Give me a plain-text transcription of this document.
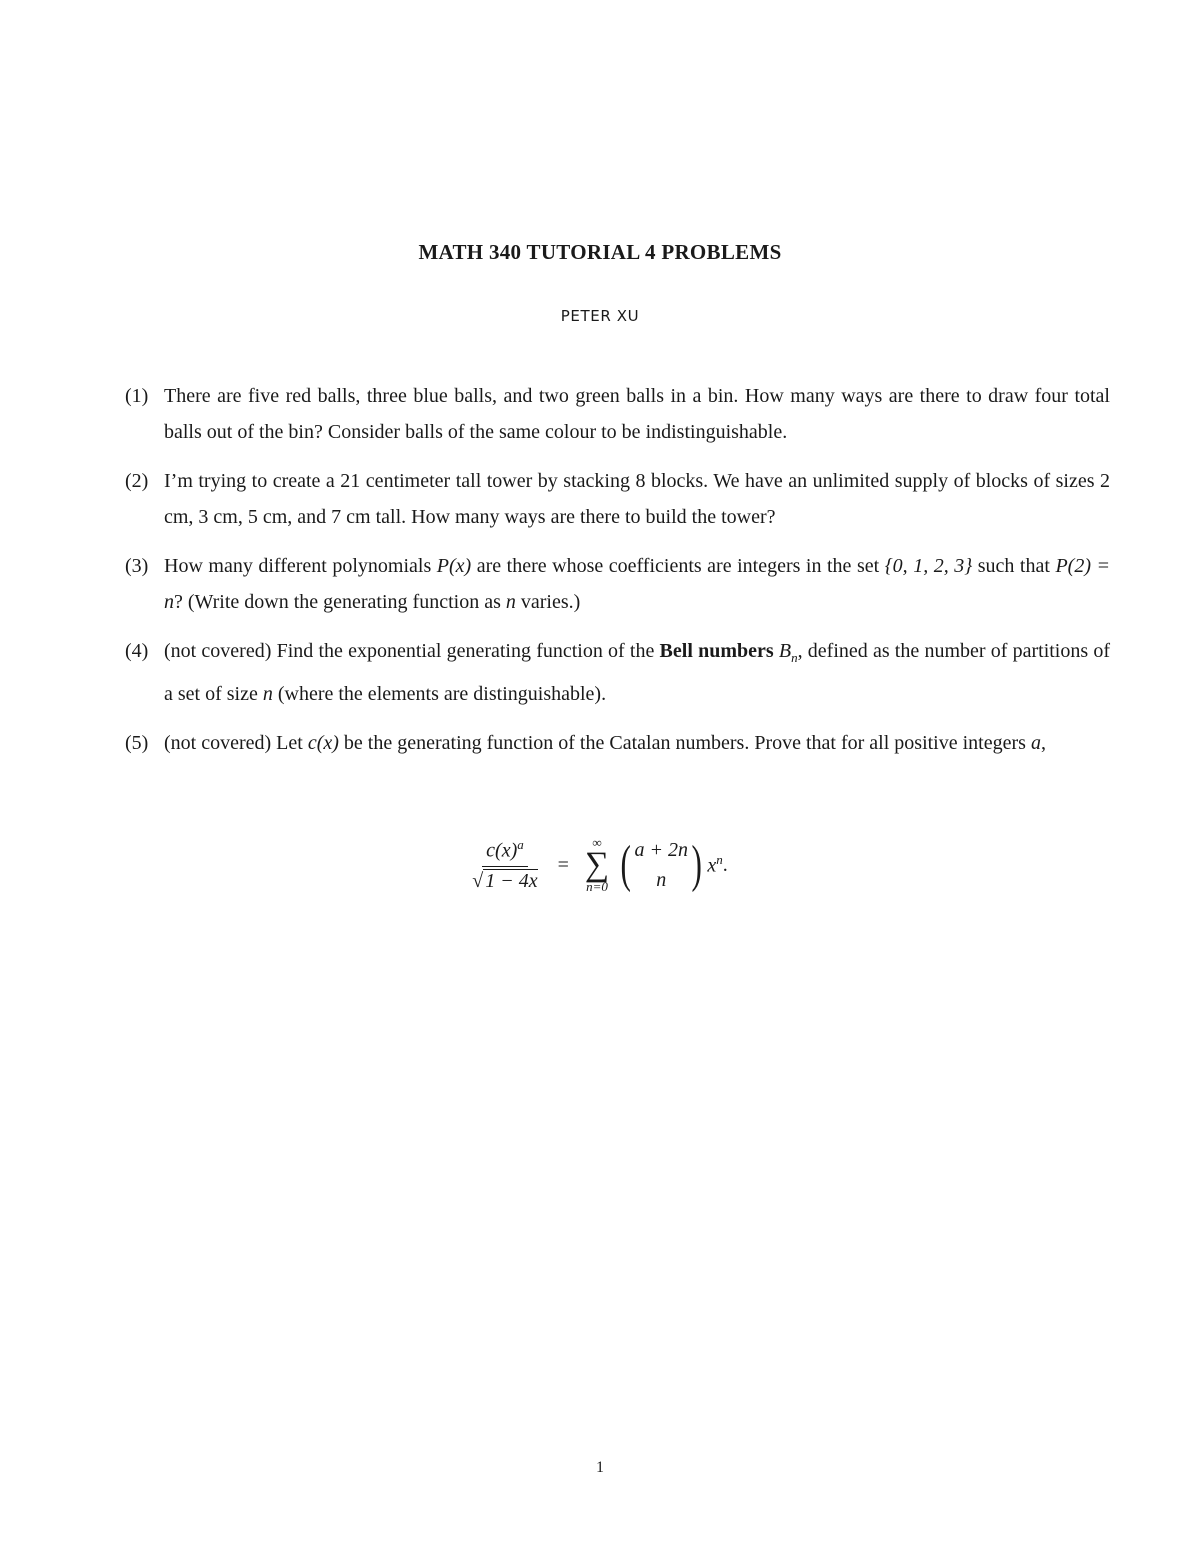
MATH 340 TUTORIAL 4 PROBLEMS
PETER XU
(1) There are five red balls, three blue balls, and two green balls in a bin. How many ways are there to draw four total balls out of the bin? Consider balls of the same colour to be indistinguishable.
(2) I’m trying to create a 21 centimeter tall tower by stacking 8 blocks. We have an unlimited supply of blocks of sizes 2 cm, 3 cm, 5 cm, and 7 cm tall. How many ways are there to build the tower?
(3) How many different polynomials P(x) are there whose coefficients are integers in the set {0, 1, 2, 3} such that P(2) = n? (Write down the generating function as n varies.)
(4) (not covered) Find the exponential generating function of the Bell numbers $B_n$, defined as the number of partitions of a set of size n (where the elements are distinguishable).
(5) (not covered) Let c(x) be the generating function of the Catalan numbers. Prove that for all positive integers a,
$\frac{c(x)^a}{√ 1 - 4x}$ =
∞
∑
n=0 ( a + 2n
n ) $x^n$ .
1
